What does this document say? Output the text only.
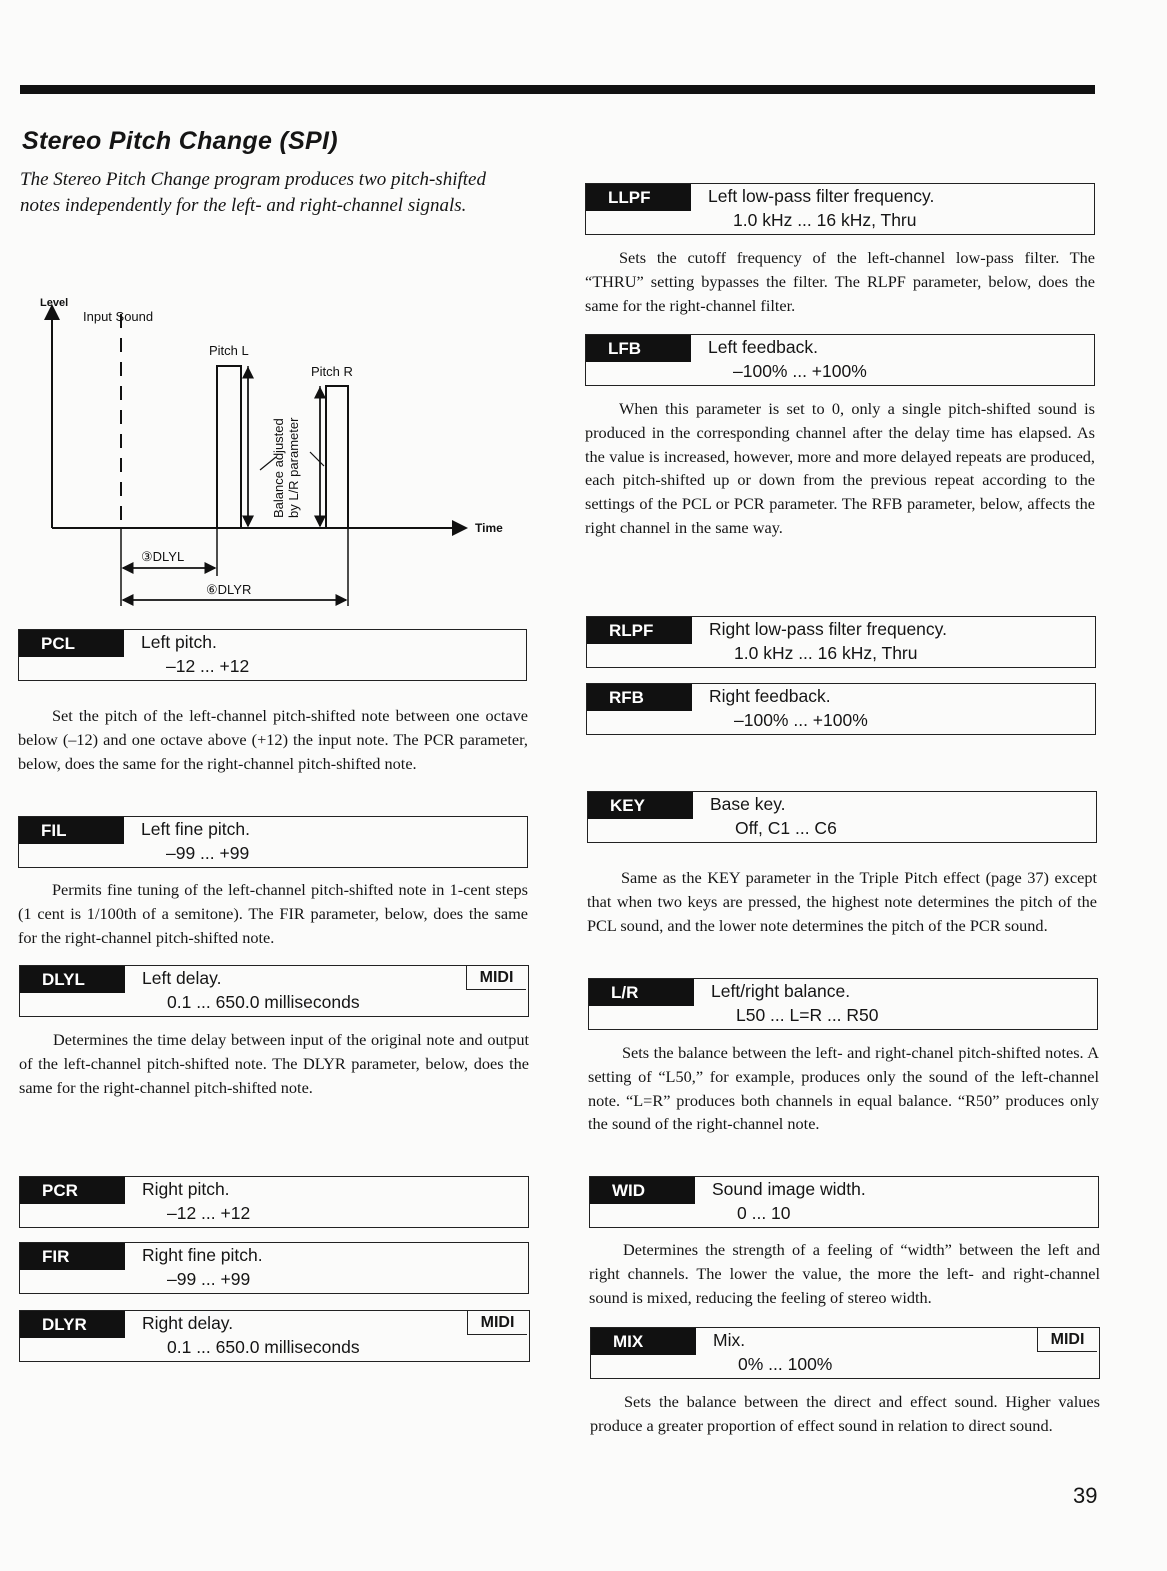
Stereo Pitch Change (SPI)

The Stereo Pitch Change program produces two pitch-shifted notes independently for the left- and right-channel signals.

Level
Input Sound
Time
Pitch L
Pitch R
Balance adjusted by L/R parameter
③DLYL
⑥DLYR
PCL	Left pitch.
–12 ... +12

Set the pitch of the left-channel pitch-shifted note between one octave below (–12) and one octave above (+12) the input note. The PCR parameter, below, does the same for the right-channel pitch-shifted note.

FIL	Left fine pitch.
–99 ... +99

Permits fine tuning of the left-channel pitch-shifted note in 1-cent steps (1 cent is 1/100th of a semitone). The FIR parameter, below, does the same for the right-channel pitch-shifted note.

DLYL	Left delay.
0.1 ... 650.0 milliseconds
MIDI

Determines the time delay between input of the original note and output of the left-channel pitch-shifted note. The DLYR parameter, below, does the same for the right-channel pitch-shifted note.

PCR	Right pitch.
–12 ... +12
FIR	Right fine pitch.
–99 ... +99
DLYR	Right delay.
0.1 ... 650.0 milliseconds
MIDI
LLPF	Left low-pass filter frequency.
1.0 kHz ... 16 kHz, Thru

Sets the cutoff frequency of the left-channel low-pass filter. The “THRU” setting bypasses the filter. The RLPF parameter, below, does the same for the right-channel filter.

LFB	Left feedback.
–100% ... +100%

When this parameter is set to 0, only a single pitch-shifted sound is produced in the corresponding channel after the delay time has elapsed. As the value is increased, however, more and more delayed repeats are produced, each pitch-shifted up or down from the previous repeat according to the settings of the PCL or PCR parameter. The RFB parameter, below, affects the right channel in the same way.

RLPF	Right low-pass filter frequency.
1.0 kHz ... 16 kHz, Thru
RFB	Right feedback.
–100% ... +100%
KEY	Base key.
Off, C1 ... C6

Same as the KEY parameter in the Triple Pitch effect (page 37) except that when two keys are pressed, the highest note determines the pitch of the PCL sound, and the lower note determines the pitch of the PCR sound.

L/R	Left/right balance.
L50 ... L=R ... R50

Sets the balance between the left- and right-chanel pitch-shifted notes. A setting of “L50,” for example, produces only the sound of the left-channel note. “L=R” produces both channels in equal balance. “R50” produces only the sound of the right-channel note.

WID	Sound image width.
0 ... 10

Determines the strength of a feeling of “width” between the left and right channels. The lower the value, the more the left- and right-channel sound is mixed, reducing the feeling of stereo width.

MIX	Mix.
0% ... 100%
MIDI

Sets the balance between the direct and effect sound. Higher values produce a greater proportion of effect sound in relation to direct sound.

39
